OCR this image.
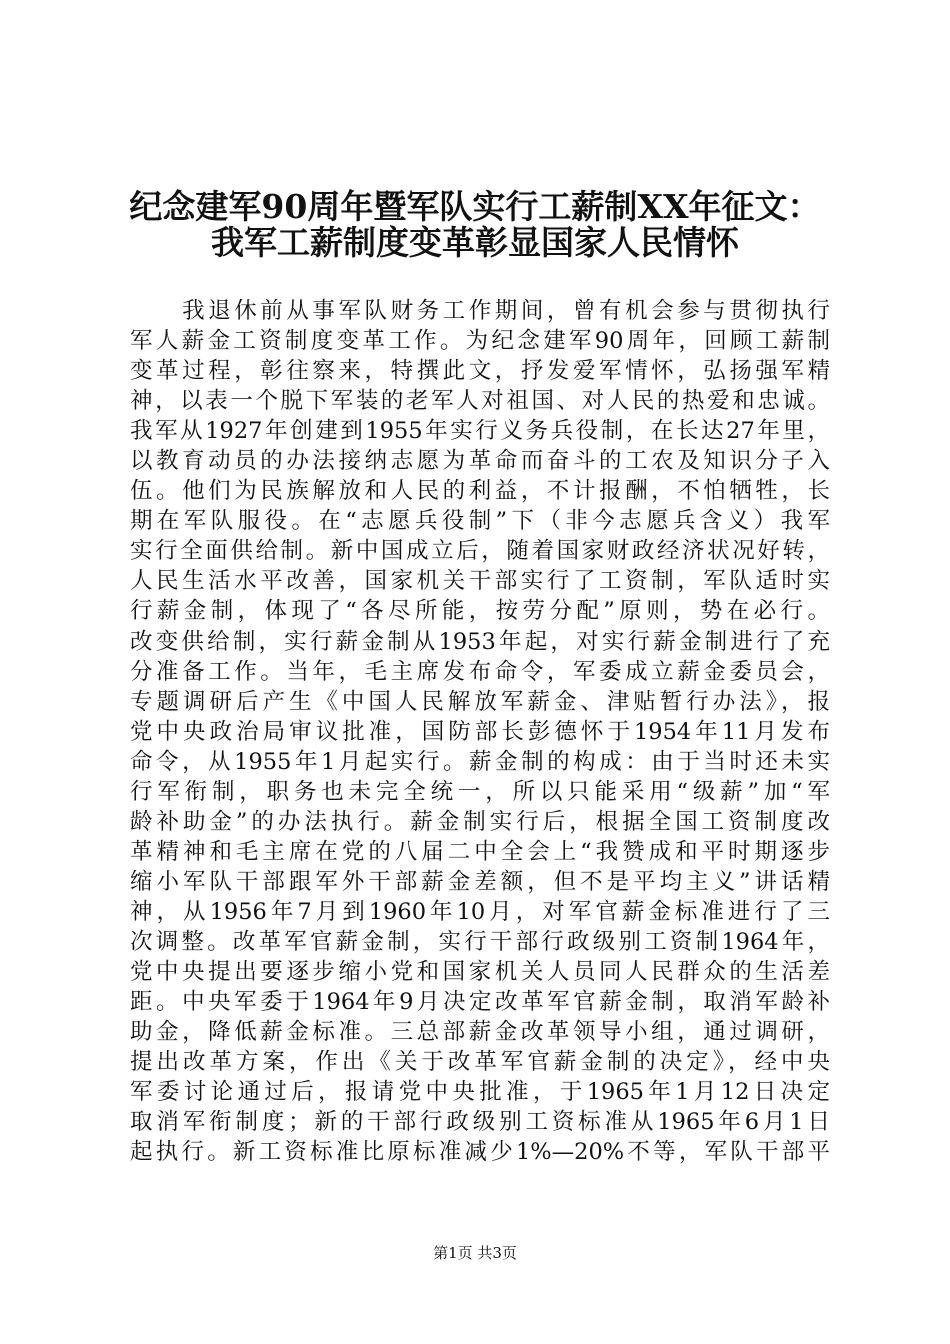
纪念建军90周年暨军队实行工薪制XX年征文：
我军工薪制度变革彰显国家人民情怀
　　我退休前从事军队财务工作期间，曾有机会参与贯彻执行
军人薪金工资制度变革工作。为纪念建军90周年，回顾工薪制
变革过程，彰往察来，特撰此文，抒发爱军情怀，弘扬强军精
神，以表一个脱下军装的老军人对祖国、对人民的热爱和忠诚。
我军从1927年创建到1955年实行义务兵役制，在长达27年里，
以教育动员的办法接纳志愿为革命而奋斗的工农及知识分子入
伍。他们为民族解放和人民的利益，不计报酬，不怕牺牲，长
期在军队服役。在“志愿兵役制”下（非今志愿兵含义）我军
实行全面供给制。新中国成立后，随着国家财政经济状况好转，
人民生活水平改善，国家机关干部实行了工资制，军队适时实
行薪金制，体现了“各尽所能，按劳分配”原则，势在必行。
改变供给制，实行薪金制从1953年起，对实行薪金制进行了充
分准备工作。当年，毛主席发布命令，军委成立薪金委员会，
专题调研后产生《中国人民解放军薪金、津贴暂行办法》，报
党中央政治局审议批准，国防部长彭德怀于1954年11月发布
命令，从1955年1月起实行。薪金制的构成：由于当时还未实
行军衔制，职务也未完全统一，所以只能采用“级薪”加“军
龄补助金”的办法执行。薪金制实行后，根据全国工资制度改
革精神和毛主席在党的八届二中全会上“我赞成和平时期逐步
缩小军队干部跟军外干部薪金差额，但不是平均主义”讲话精
神，从1956年7月到1960年10月，对军官薪金标准进行了三
次调整。改革军官薪金制，实行干部行政级别工资制1964年，
党中央提出要逐步缩小党和国家机关人员同人民群众的生活差
距。中央军委于1964年9月决定改革军官薪金制，取消军龄补
助金，降低薪金标准。三总部薪金改革领导小组，通过调研，
提出改革方案，作出《关于改革军官薪金制的决定》，经中央
军委讨论通过后，报请党中央批准，于1965年1月12日决定
取消军衔制度；新的干部行政级别工资标准从1965年6月1日
起执行。新工资标准比原标准减少1%—20%不等，军队干部平
第1页 共3页
